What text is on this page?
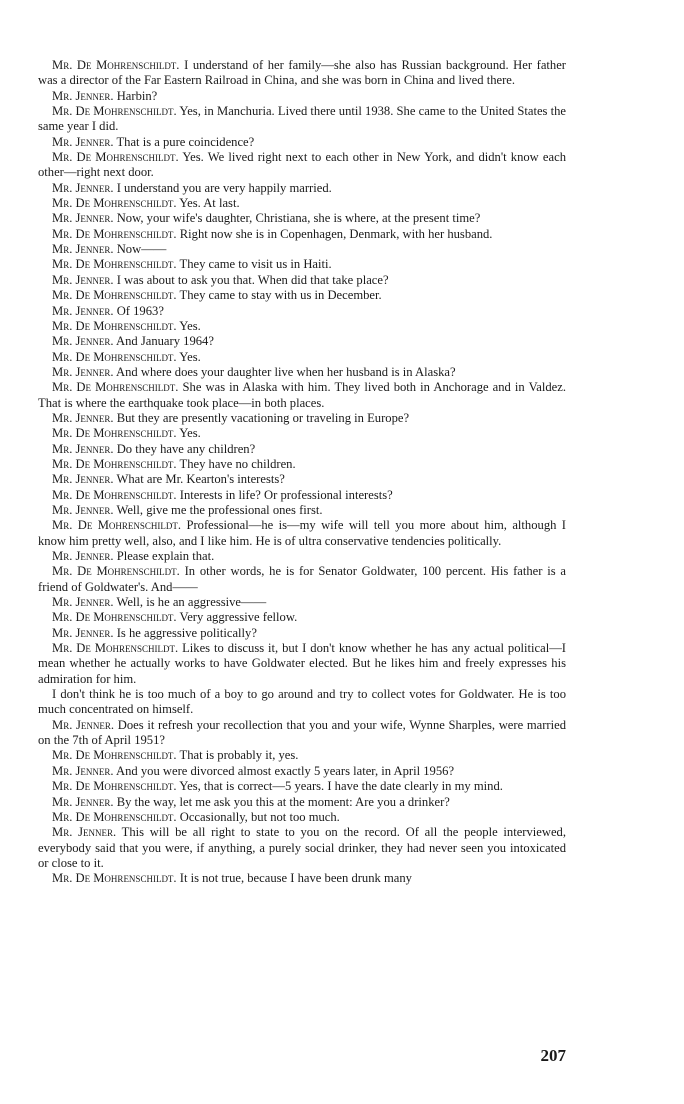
Mr. De Mohrenschildt. I understand of her family—she also has Russian background. Her father was a director of the Far Eastern Railroad in China, and she was born in China and lived there.

Mr. Jenner. Harbin?

Mr. De Mohrenschildt. Yes, in Manchuria. Lived there until 1938. She came to the United States the same year I did.

Mr. Jenner. That is a pure coincidence?

Mr. De Mohrenschildt. Yes. We lived right next to each other in New York, and didn't know each other—right next door.

Mr. Jenner. I understand you are very happily married.

Mr. De Mohrenschildt. Yes. At last.

Mr. Jenner. Now, your wife's daughter, Christiana, she is where, at the present time?

Mr. De Mohrenschildt. Right now she is in Copenhagen, Denmark, with her husband.

Mr. Jenner. Now——

Mr. De Mohrenschildt. They came to visit us in Haiti.

Mr. Jenner. I was about to ask you that. When did that take place?

Mr. De Mohrenschildt. They came to stay with us in December.

Mr. Jenner. Of 1963?

Mr. De Mohrenschildt. Yes.

Mr. Jenner. And January 1964?

Mr. De Mohrenschildt. Yes.

Mr. Jenner. And where does your daughter live when her husband is in Alaska?

Mr. De Mohrenschildt. She was in Alaska with him. They lived both in Anchorage and in Valdez. That is where the earthquake took place—in both places.

Mr. Jenner. But they are presently vacationing or traveling in Europe?

Mr. De Mohrenschildt. Yes.

Mr. Jenner. Do they have any children?

Mr. De Mohrenschildt. They have no children.

Mr. Jenner. What are Mr. Kearton's interests?

Mr. De Mohrenschildt. Interests in life? Or professional interests?

Mr. Jenner. Well, give me the professional ones first.

Mr. De Mohrenschildt. Professional—he is—my wife will tell you more about him, although I know him pretty well, also, and I like him. He is of ultra conservative tendencies politically.

Mr. Jenner. Please explain that.

Mr. De Mohrenschildt. In other words, he is for Senator Goldwater, 100 percent. His father is a friend of Goldwater's. And——

Mr. Jenner. Well, is he an aggressive——

Mr. De Mohrenschildt. Very aggressive fellow.

Mr. Jenner. Is he aggressive politically?

Mr. De Mohrenschildt. Likes to discuss it, but I don't know whether he has any actual political—I mean whether he actually works to have Goldwater elected. But he likes him and freely expresses his admiration for him.

I don't think he is too much of a boy to go around and try to collect votes for Goldwater. He is too much concentrated on himself.

Mr. Jenner. Does it refresh your recollection that you and your wife, Wynne Sharples, were married on the 7th of April 1951?

Mr. De Mohrenschildt. That is probably it, yes.

Mr. Jenner. And you were divorced almost exactly 5 years later, in April 1956?

Mr. De Mohrenschildt. Yes, that is correct—5 years. I have the date clearly in my mind.

Mr. Jenner. By the way, let me ask you this at the moment: Are you a drinker?

Mr. De Mohrenschildt. Occasionally, but not too much.

Mr. Jenner. This will be all right to state to you on the record. Of all the people interviewed, everybody said that you were, if anything, a purely social drinker, they had never seen you intoxicated or close to it.

Mr. De Mohrenschildt. It is not true, because I have been drunk many

207
